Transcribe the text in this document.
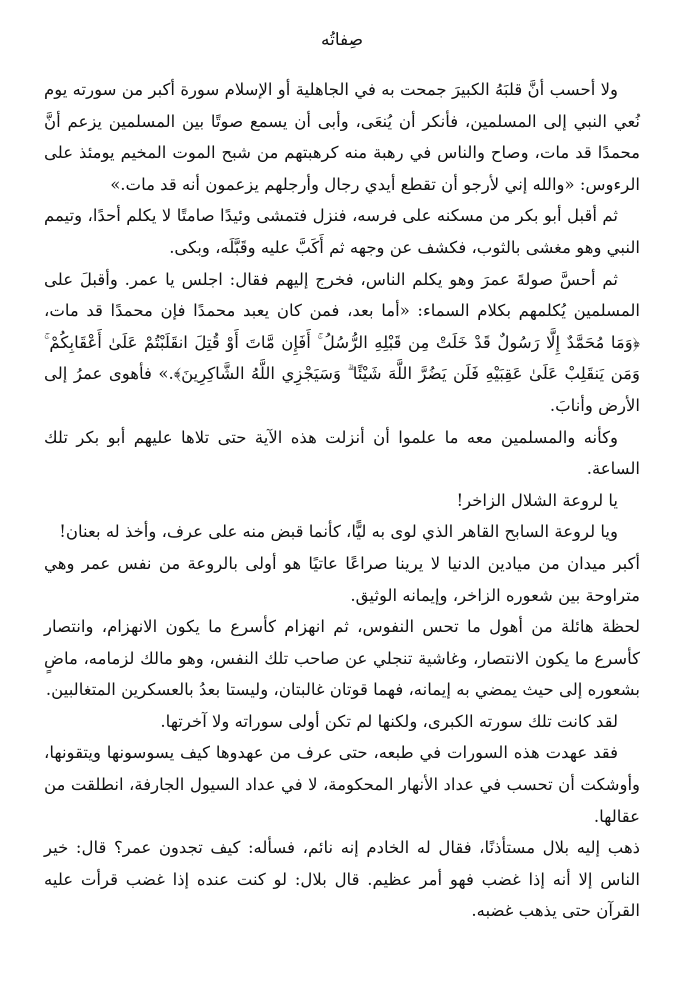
صِفاتُه

ولا أحسب أنَّ قلبَهُ الكبيرَ جمحت به في الجاهلية أو الإسلام سورة أكبر من سورته يوم نُعي النبي إلى المسلمين، فأنكر أن يُنعَى، وأبى أن يسمع صوتًا بين المسلمين يزعم أنَّ محمدًا قد مات، وصاح والناس في رهبة منه كرهبتهم من شبح الموت المخيم يومئذ على الرءوس: «والله إني لأرجو أن تقطع أيدي رجال وأرجلهم يزعمون أنه قد مات.»

ثم أقبل أبو بكر من مسكنه على فرسه، فنزل فتمشى وئيدًا صامتًا لا يكلم أحدًا، وتيمم النبي وهو مغشى بالثوب، فكشف عن وجهه ثم أَكَبَّ عليه وقَبَّلَه، وبكى.

ثم أحسَّ صولةَ عمرَ وهو يكلم الناس، فخرج إليهم فقال: اجلس يا عمر. وأقبلَ على المسلمين يُكلمهم بكلام السماء: «أما بعد، فمن كان يعبد محمدًا فإن محمدًا قد مات، ﴿وَمَا مُحَمَّدٌ إِلَّا رَسُولٌ قَدْ خَلَتْ مِن قَبْلِهِ الرُّسُلُ ۚ أَفَإِن مَّاتَ أَوْ قُتِلَ انقَلَبْتُمْ عَلَىٰ أَعْقَابِكُمْ ۚ وَمَن يَنقَلِبْ عَلَىٰ عَقِبَيْهِ فَلَن يَضُرَّ اللَّهَ شَيْئًا ۗ وَسَيَجْزِي اللَّهُ الشَّاكِرِينَ﴾.» فأهوى عمرُ إلى الأرض وأنابَ.

وكأنه والمسلمين معه ما علموا أن أنزلت هذه الآية حتى تلاها عليهم أبو بكر تلك الساعة.

يا لروعة الشلال الزاخر!

ويا لروعة السابح القاهر الذي لوى به ليًّا، كأنما قبض منه على عرف، وأخذ له بعنان!

أكبر ميدان من ميادين الدنيا لا يرينا صراعًا عاتيًا هو أولى بالروعة من نفس عمر وهي متراوحة بين شعوره الزاخر، وإيمانه الوثيق.

لحظة هائلة من أهول ما تحس النفوس، ثم انهزام كأسرع ما يكون الانهزام، وانتصار كأسرع ما يكون الانتصار، وغاشية تنجلي عن صاحب تلك النفس، وهو مالك لزمامه، ماضٍ بشعوره إلى حيث يمضي به إيمانه، فهما قوتان غالبتان، وليستا بعدُ بالعسكرين المتغالبين.

لقد كانت تلك سورته الكبرى، ولكنها لم تكن أولى سوراته ولا آخرتها.

فقد عهدت هذه السورات في طبعه، حتى عرف من عهدوها كيف يسوسونها ويتقونها، وأوشكت أن تحسب في عداد الأنهار المحكومة، لا في عداد السيول الجارفة، انطلقت من عقالها.

ذهب إليه بلال مستأذنًا، فقال له الخادم إنه نائم، فسأله: كيف تجدون عمر؟ قال: خير الناس إلا أنه إذا غضب فهو أمر عظيم. قال بلال: لو كنت عنده إذا غضب قرأت عليه القرآن حتى يذهب غضبه.
